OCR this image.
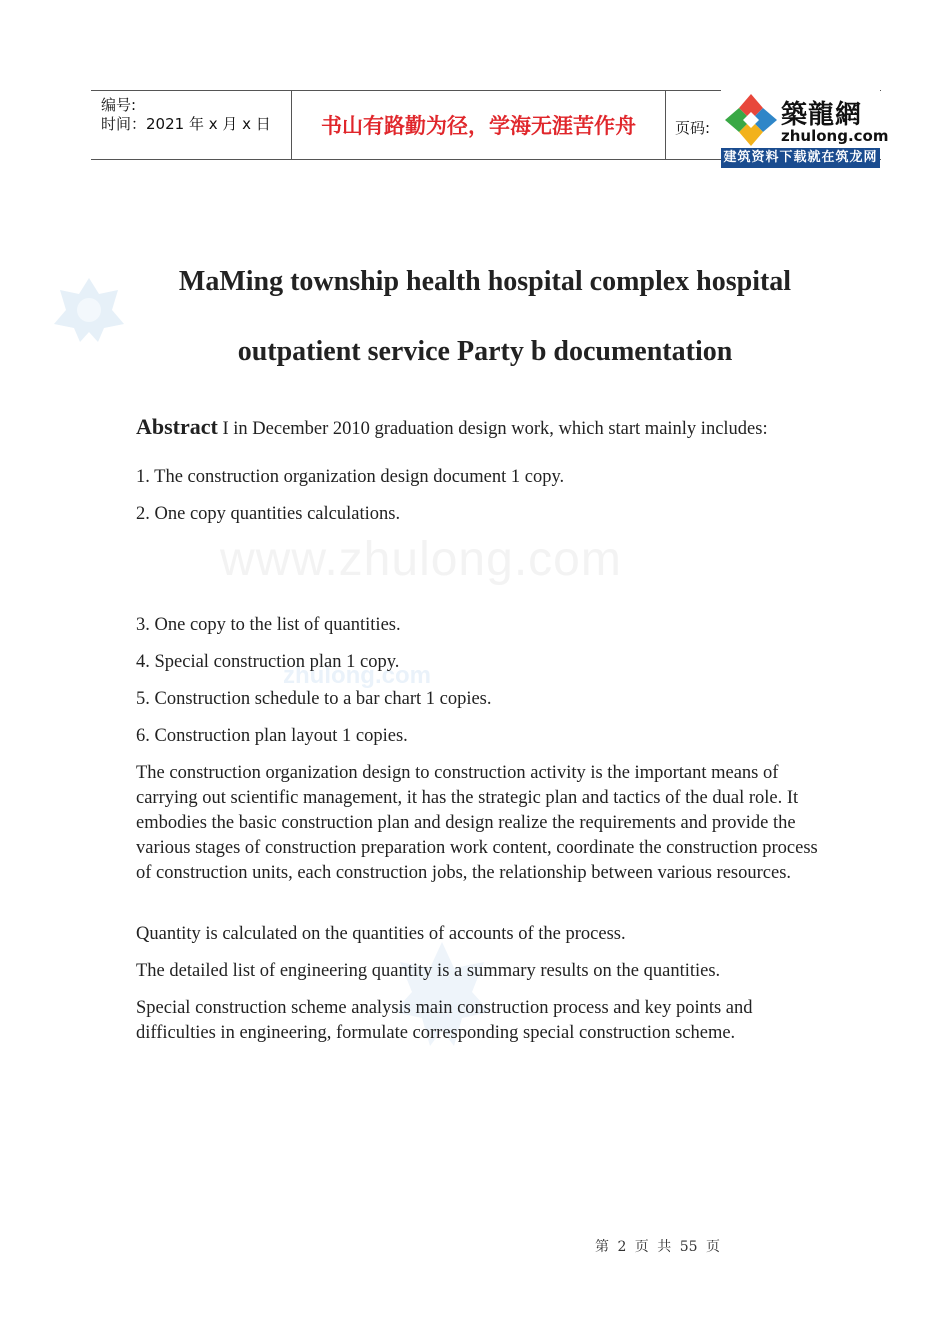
www.zhulong.com
zhulong.com
编号:
时间：2021 年 x 月 x 日	书山有路勤为径，学海无涯苦作舟	页码:	築龍網
zhulong.com
建筑资料下载就在筑龙网
MaMing township health hospital complex hospital
outpatient service Party b documentation
Abstract I in December 2010 graduation design work, which start mainly includes:
1. The construction organization design document 1 copy.
2. One copy quantities calculations.
3. One copy to the list of quantities.
4. Special construction plan 1 copy.
5. Construction schedule to a bar chart 1 copies.
6. Construction plan layout 1 copies.
The construction organization design to construction activity is the important means of carrying out scientific management, it has the strategic plan and tactics of the dual role. It embodies the basic construction plan and design realize the requirements and provide the various stages of construction preparation work content, coordinate the construction process of construction units, each construction jobs, the relationship between various resources.
Quantity is calculated on the quantities of accounts of the process.
The detailed list of engineering quantity is a summary results on the quantities.
Special construction scheme analysis main construction process and key points and difficulties in engineering, formulate corresponding special construction scheme.
第 2 页 共 55 页
